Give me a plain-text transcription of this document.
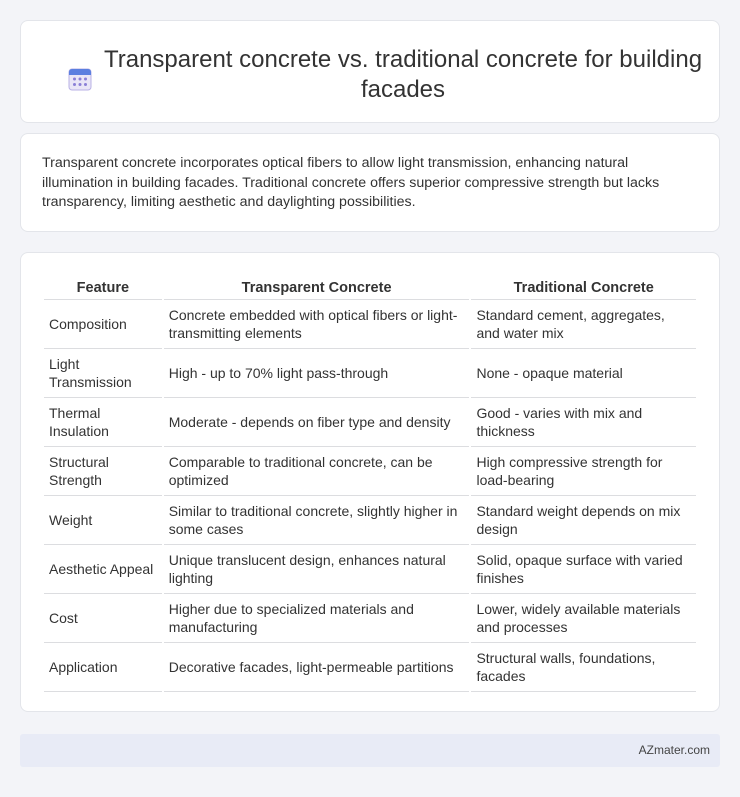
Transparent concrete vs. traditional concrete for building facades

Transparent concrete incorporates optical fibers to allow light transmission, enhancing natural illumination in building facades. Traditional concrete offers superior compressive strength but lacks transparency, limiting aesthetic and daylighting possibilities.

Feature	Transparent Concrete	Traditional Concrete
Composition	Concrete embedded with optical fibers or light-transmitting elements	Standard cement, aggregates, and water mix
Light Transmission	High - up to 70% light pass-through	None - opaque material
Thermal Insulation	Moderate - depends on fiber type and density	Good - varies with mix and thickness
Structural Strength	Comparable to traditional concrete, can be optimized	High compressive strength for load-bearing
Weight	Similar to traditional concrete, slightly higher in some cases	Standard weight depends on mix design
Aesthetic Appeal	Unique translucent design, enhances natural lighting	Solid, opaque surface with varied finishes
Cost	Higher due to specialized materials and manufacturing	Lower, widely available materials and processes
Application	Decorative facades, light-permeable partitions	Structural walls, foundations, facades
AZmater.com
